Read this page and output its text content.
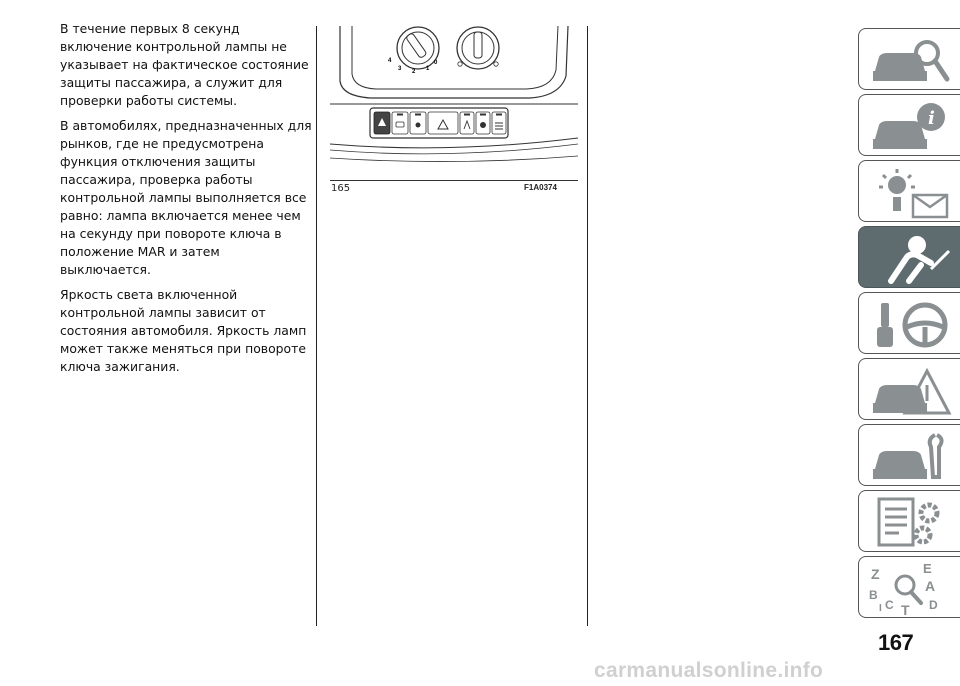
В течение первых 8 секунд включение контрольной лампы не указывает на фактическое состояние защиты пассажира, а служит для проверки работы системы.

В автомобилях, предназначенных для рынков, где не предусмотрена функция отключения защиты пассажира, проверка работы контрольной лампы выполняется все равно: лампа включается менее чем на секунду при повороте ключа в положение MAR и затем выключается.

Яркость света включенной контрольной лампы зависит от состояния автомобиля. Яркость ламп может также меняться при повороте ключа зажигания.

4
3 2 1
0
165	F1A0374
i
Z	E
B
A
C	D
T
I
167
carmanualsonline.info
